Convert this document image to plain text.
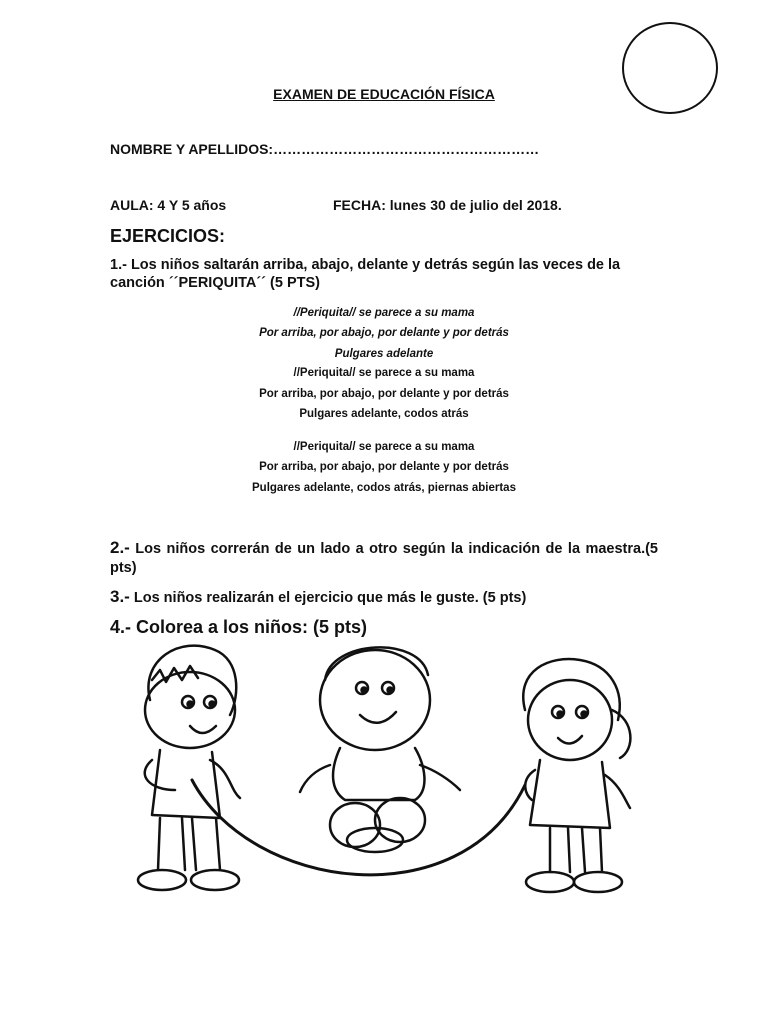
EXAMEN DE EDUCACIÓN FÍSICA
NOMBRE Y APELLIDOS:…………………………………………………
AULA: 4 Y 5 años	FECHA: lunes 30 de julio del 2018.
EJERCICIOS:
1.- Los niños saltarán arriba, abajo, delante y detrás según las veces de la canción ´´PERIQUITA´´ (5 PTS)
//Periquita// se parece a su mama
Por arriba, por abajo, por delante y por detrás
Pulgares adelante
//Periquita// se parece a su mama
Por arriba, por abajo, por delante y por detrás
Pulgares adelante, codos atrás
//Periquita// se parece a su mama
Por arriba, por abajo, por delante y por detrás
Pulgares adelante, codos atrás, piernas abiertas
2.- Los niños correrán de un lado a otro según la indicación de la maestra.(5 pts)
3.- Los niños realizarán el ejercicio que más le guste. (5 pts)
4.- Colorea a los niños: (5 pts)
